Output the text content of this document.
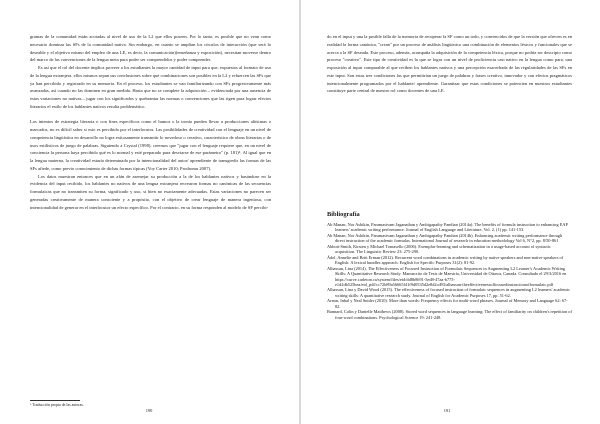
gramas de la comunidad están acotadas al nivel de uso de la L2 que ellos poseen. Por lo tanto, es posible que no vean como necesario dominar las SFs de la comunidad nativa. Sin embargo, en cuanto se amplían los círculos de interacción (que será lo deseable y el objetivo mismo del empleo de una LE, es decir, la comunicación)(enseñanza y exposición), necesitan moverse dentro del marco de las convenciones de la lengua meta para poder ser comprendidos y poder comprender.

Es así que el rol del docente implica proveer a los estudiantes la mayor cantidad de input para que, expuestos al formato de uso de la lengua extranjera, ellos mismos sepan sus conclusiones sobre qué combinaciones son posibles en la L2 y refuercen las SFs que ya han percibido y registrado en su memoria. En el proceso, los estudiantes se van familiarizando con SFs progresivamente más avanzadas, así cuando no las dominen en gran medida. Hasta que no se complete la adquisición – evidenciada por una ausencia de estas variaciones no nativas–, jugar con los significados y quebrantar las normas o convenciones que las rigen para lograr efectos literarios el estilo de los hablantes nativos resulta problemático.

Los intentos de estrategia literaria o con fines específicos como el humor o la ironía pueden llevar a producciones altísimas o marcados, no es difícil saber si esto es percibido por el interlocutor. Las posibilidades de creatividad con el lenguaje en un nivel de competencia lingüística en desarrollo no logra exitosamente transmitir lo novedoso o creativo, característico de obras literarias o de usos estilísticos de juego de palabras. Siguiendo a Crystal (1998), creemos que "jugar con el lenguaje requiere que, en un nivel de conciencia la persona haya percibido qué es lo normal y esté preparado para desviarse de ese parámetro" (p. 181)⁶. Al igual que en la lengua materna, la creatividad estaría determinada por la intencionalidad del autor/ aprendiente de transgredir las formas de las SFs afiede, como previo conocimiento de dichas formas típicas (Voy Carter 2010; Prodromu 2007).

Los datos muestran entonces que en un afán de asemejar su producción a la de los hablantes nativos y basándose en la evidencia del input recibido, los hablantes no nativos de una lengua extranjera recrearon formas no canónicas de las secuencias formulaicas que no transmiten su forma, significado y uso, si bien no exactamente adecuadas. Estas variaciones no parecen ser generadas creativamente de manera consciente y a propósito, con el objetivo de crear lenguaje de manera ingeniosa, con intencionalidad de generar en el interlocutor un efecto específico. Por el contrario, en su forma responden al modelo de SF percibi-

⁶ Traducción propia de las autoras.
190

do en el input y una la posible falla de la memoria de recuperar la SF como un todo, y convencidos de que la versión que ofrecen es en realidad la forma canónica, "crean" por un proceso de análisis lingüístico una combinación de elementos léxicos y funcionales que se acerca a la SF deseada. Este proceso, además, acompaña la adquisición de la competencia léxica, porque no podría ser descripto como proceso "creativo". Este tipo de creatividad es la que se logra con un nivel de proficiencia casi nativo en la lengua como para, una exposición al input comparable al que reciben los hablantes nativos y una percepción exacerbada de las regularidades de las SFs en este input. Son estas tres condiciones las que permitirían un juego de palabras y frases creativo, innovador y con efectos pragmáticos intencionalmente programados por el hablante/ aprendiente. Garantizar que estas condiciones se potencien en nuestros estudiantes constituye parte central de nuestro rol como docentes de una LE.

Bibliografía

Ab Manan, Nor Ashikin, Paramasivam Jaganathan y Ambigapathy Pandian (2014a). The benefits of formula instruction to enhancing EAP learners' academic writing performance. Journal of English Language and Literature, Vol. 2, (1) pp. 141-153.

Ab Manan, Nor Ashikin, Paramasivam Jaganathan y Ambigapathy Pandian (2014b). Enhancing academic writing performance through direct instruction of the academic formulas. International Journal of research in education methodology Vol 6, N°2, pp. 8/50-861

Abbott-Smith, Kirsten y Michael Tomasello (2006). Exemplar-learning and schematization in a usage-based account of syntactic acquisition. The Linguistic Review 23: 275-290.

Ädel, Annelie and Britt Erman (2012). Recurrent word combinations in academic writing by native speakers and non-native speakers of English: A lexical bundles approach. English for Specific Purposes 31(2): 81-92.

Alhassan, Lina (2014). The Effectiveness of Focused Instruction of Formulaic Sequences in Augmenting L2 Learner's Academic Writing Skills: A Quantitative Research Study. Manuscrito de Tesis de Maestría, Universidad de Ottawa, Canada. Consultado el 29/3/2016 en https://curve.carleton.ca/system/files/etd/dd8b8691-5ed8-47aa-b775-e1d2db525bea/etd_pdf/cc72b89a56665f41f9d0535d2e8d2cd93/alhassan-theeffectivenessoffocusedinstructionofformulaic.pdf

Alhassan, Lina y David Wood (2015). The effectiveness of focused instruction of formulaic sequences in augmenting L2 learners' academic writing skills: A quantitative research study. Journal of English for Academic Purposes 17, pp. 51-62.

Arnon, Inbal y Neal Snider (2010). More than words: Frequency effects for multi-word phrases. Journal of Memory and Language 62: 67-82.

Bannard, Colin y Danielle Matthews (2008). Stored word sequences in language learning: The effect of familiarity on children's repetition of four-word combinations. Psychological Science 19: 241-248.

191
